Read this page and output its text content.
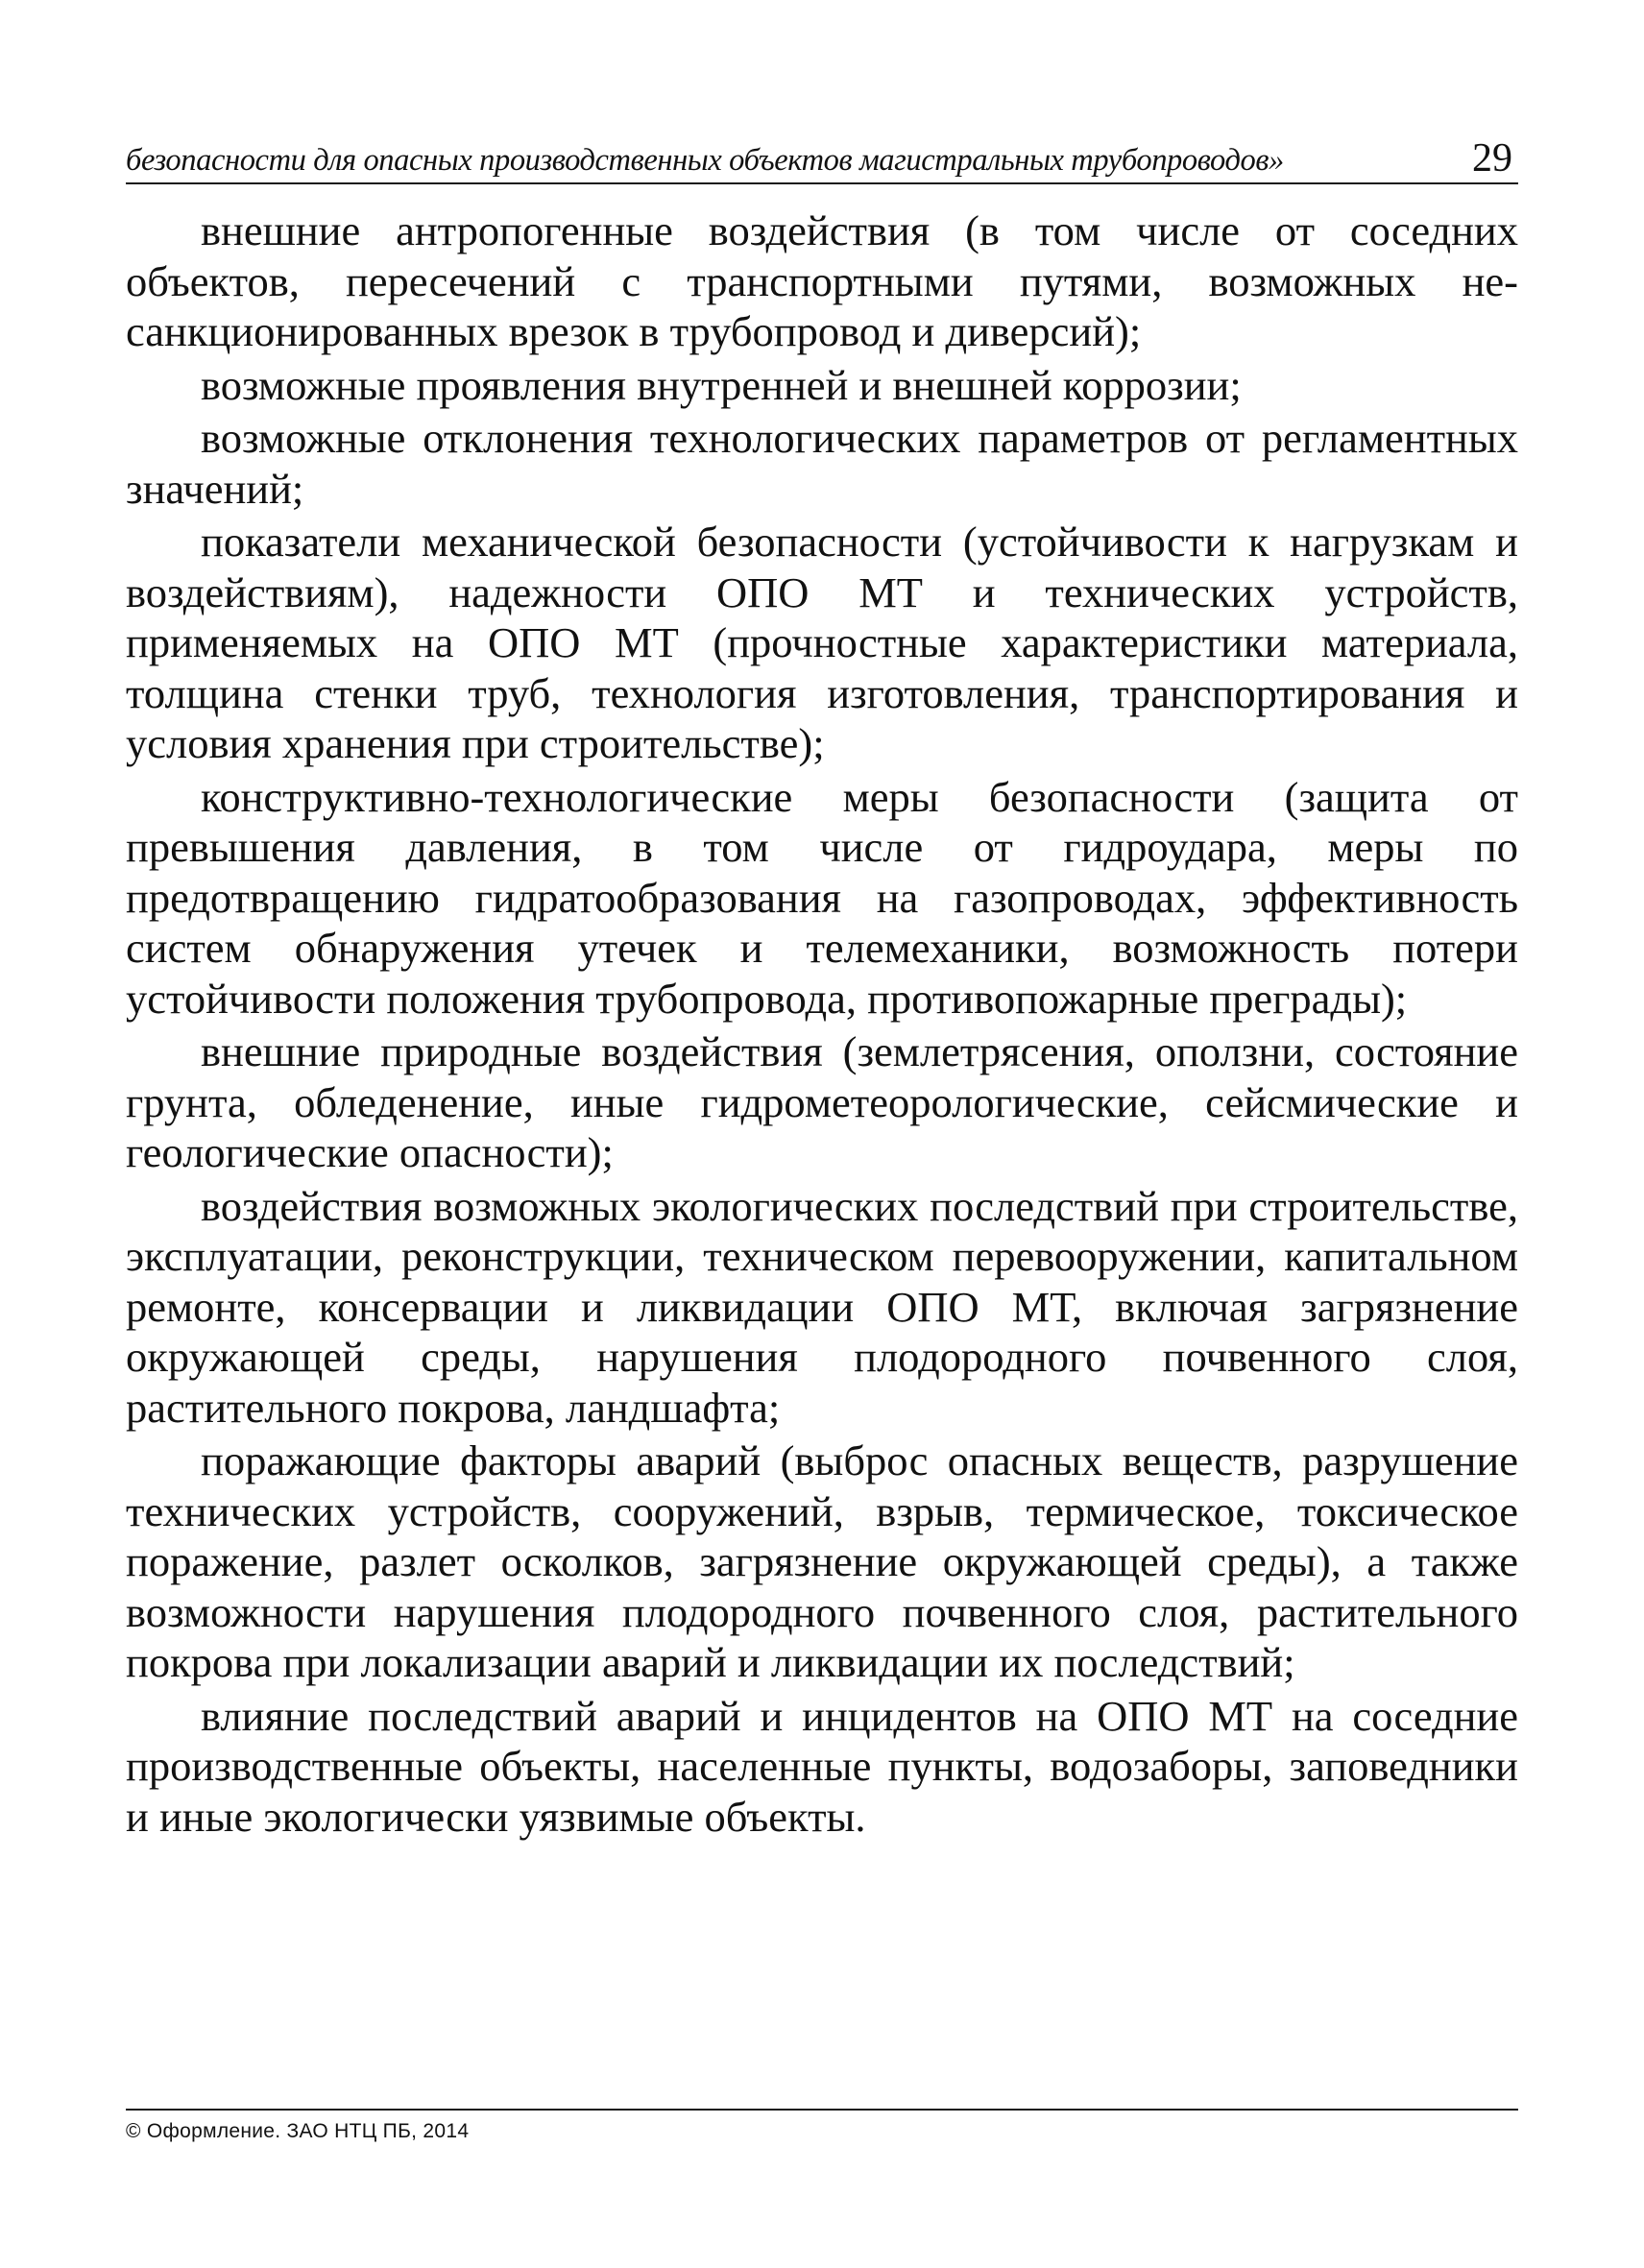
безопасности для опасных производственных объектов магистральных трубопроводов»	29

внешние антропогенные воздействия (в том числе от соседних объектов, пересечений с транспортными путями, возможных несанкционированных врезок в трубопровод и диверсий);

возможные проявления внутренней и внешней коррозии;

возможные отклонения технологических параметров от регламентных значений;

показатели механической безопасности (устойчивости к нагрузкам и воздействиям), надежности ОПО МТ и технических устройств, применяемых на ОПО МТ (прочностные характеристики материала, толщина стенки труб, технология изготовления, транспортирования и условия хранения при строительстве);

конструктивно-технологические меры безопасности (защита от превышения давления, в том числе от гидроудара, меры по предотвращению гидратообразования на газопроводах, эффективность систем обнаружения утечек и телемеханики, возможность потери устойчивости положения трубопровода, противопожарные преграды);

внешние природные воздействия (землетрясения, оползни, состояние грунта, обледенение, иные гидрометеорологические, сейсмические и геологические опасности);

воздействия возможных экологических последствий при строительстве, эксплуатации, реконструкции, техническом перевооружении, капитальном ремонте, консервации и ликвидации ОПО МТ, включая загрязнение окружающей среды, нарушения плодородного почвенного слоя, растительного покрова, ландшафта;

поражающие факторы аварий (выброс опасных веществ, разрушение технических устройств, сооружений, взрыв, термическое, токсическое поражение, разлет осколков, загрязнение окружающей среды), а также возможности нарушения плодородного почвенного слоя, растительного покрова при локализации аварий и ликвидации их последствий;

влияние последствий аварий и инцидентов на ОПО МТ на соседние производственные объекты, населенные пункты, водозаборы, заповедники и иные экологически уязвимые объекты.

© Оформление. ЗАО НТЦ ПБ, 2014
